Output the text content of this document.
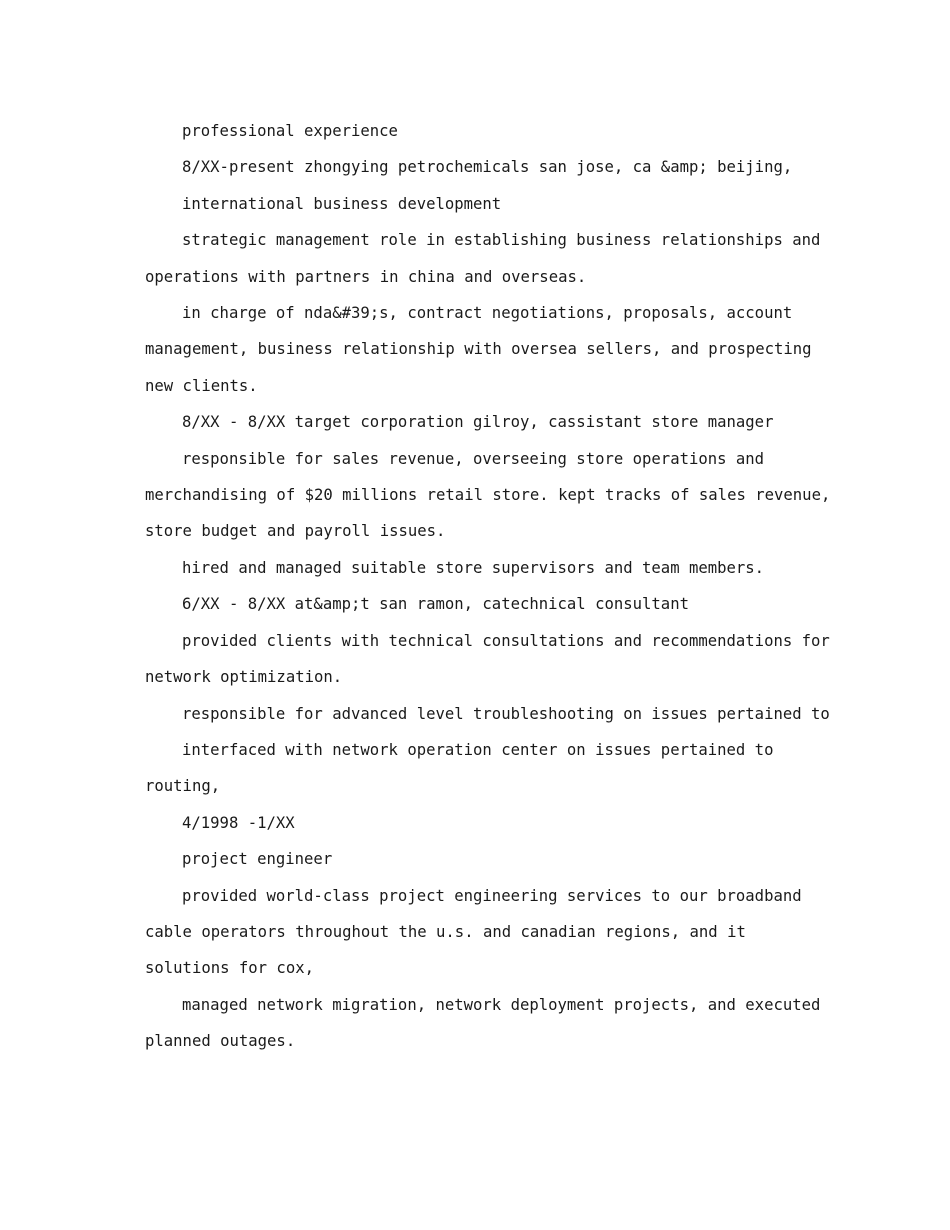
professional experience

8/XX-present zhongying petrochemicals san jose, ca &amp; beijing,

international business development

strategic management role in establishing business relationships and operations with partners in china and overseas.

in charge of nda&#39;s, contract negotiations, proposals, account management, business relationship with oversea sellers, and prospecting new clients.

8/XX - 8/XX target corporation gilroy, cassistant store manager

responsible for sales revenue, overseeing store operations and merchandising of $20 millions retail store. kept tracks of sales revenue, store budget and payroll issues.

hired and managed suitable store supervisors and team members.

6/XX - 8/XX at&amp;t san ramon, catechnical consultant

provided clients with technical consultations and recommendations for network optimization.

responsible for advanced level troubleshooting on issues pertained to

interfaced with network operation center on issues pertained to routing,

4/1998 -1/XX

project engineer

provided world-class project engineering services to our broadband cable operators throughout the u.s. and canadian regions, and it solutions for cox,

managed network migration, network deployment projects, and executed planned outages.
